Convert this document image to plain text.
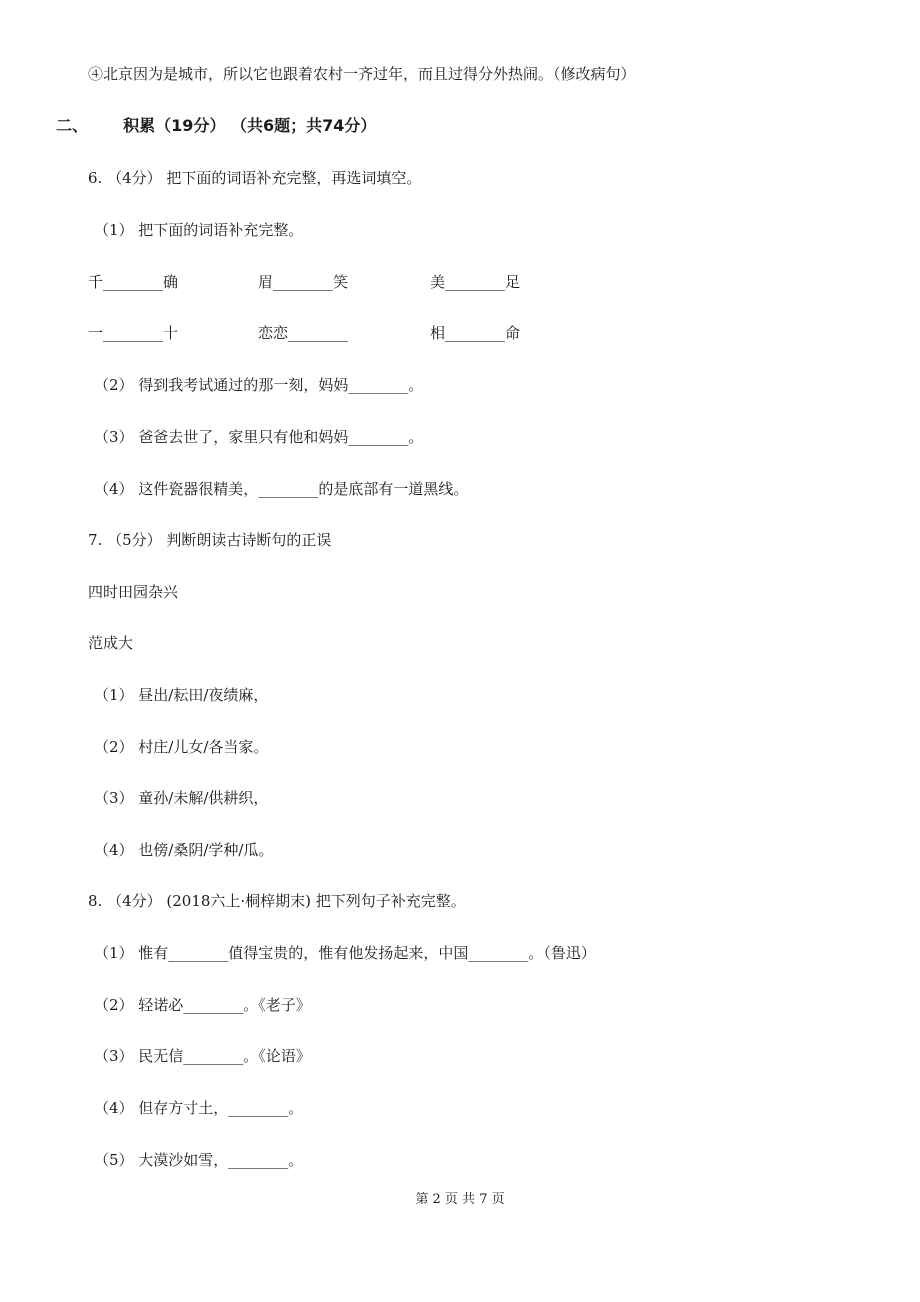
④北京因为是城市，所以它也跟着农村一齐过年，而且过得分外热闹。（修改病句）
二、 积累（19分） （共6题；共74分）
6. （4分） 把下面的词语补充完整，再选词填空。
（1） 把下面的词语补充完整。
千________确	眉________笑	美________足
一________十	恋恋________	相________命
（2） 得到我考试通过的那一刻，妈妈________。
（3） 爸爸去世了，家里只有他和妈妈________。
（4） 这件瓷器很精美，________的是底部有一道黑线。
7. （5分） 判断朗读古诗断句的正误
四时田园杂兴
范成大
（1） 昼出/耘田/夜绩麻，
（2） 村庄/儿女/各当家。
（3） 童孙/未解/供耕织，
（4） 也傍/桑阴/学种/瓜。
8. （4分） (2018六上·桐梓期末) 把下列句子补充完整。
（1） 惟有________值得宝贵的，惟有他发扬起来，中国________。（鲁迅）
（2） 轻诺必________。《老子》
（3） 民无信________。《论语》
（4） 但存方寸土，________。
（5） 大漠沙如雪，________。
第 2 页 共 7 页
